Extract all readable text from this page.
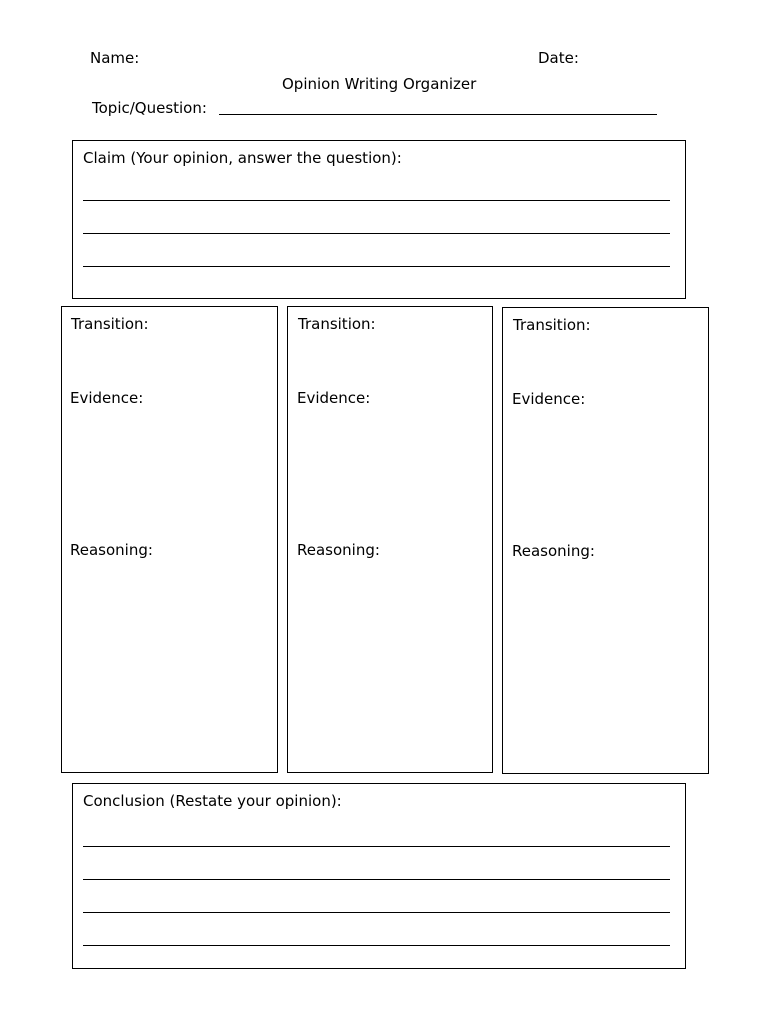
Name:	Date:
Opinion Writing Organizer
Topic/Question:
Claim (Your opinion, answer the question):
Transition:
Evidence:
Reasoning:
Transition:
Evidence:
Reasoning:
Transition:
Evidence:
Reasoning:
Conclusion (Restate your opinion):
